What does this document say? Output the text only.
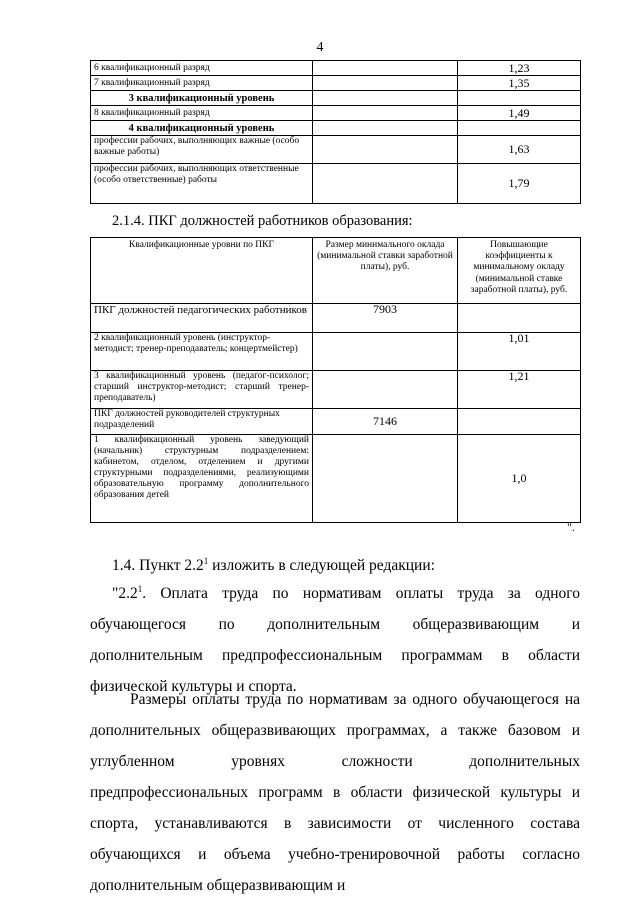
4
6 квалификационный разряд		1,23
7 квалификационный разряд		1,35
3 квалификационный уровень		
8 квалификационный разряд		1,49
4 квалификационный уровень		
профессии рабочих, выполняющих важные (особо важные работы)		1,63
профессии рабочих, выполняющих ответственные (особо ответственные) работы		1,79
2.1.4. ПКГ должностей работников образования:
Квалификационные уровни по ПКГ	Размер минимального оклада (минимальной ставки заработной платы), руб.	Повышающие коэффициенты к минимальному окладу (минимальной ставке заработной платы), руб.
ПКГ должностей педагогических работников	7903	
2 квалификационный уровень (инструктор-методист; тренер-преподаватель; концертмейстер)		1,01
3 квалификационный уровень (педагог-психолог; старший инструктор-методист; старший тренер-преподаватель)		1,21
ПКГ должностей руководителей структурных подразделений	7146	
1 квалификационный уровень заведующий (начальник) структурным подразделением: кабинетом, отделом, отделением и другими структурными подразделениями, реализующими образовательную программу дополнительного образования детей		1,0
".
1.4. Пункт $2.2^1$ изложить в следующей редакции:
"$2.2^1$. Оплата труда по нормативам оплаты труда за одного обучающегося по дополнительным общеразвивающим и дополнительным предпрофессиональным программам в области физической культуры и спорта.
Размеры оплаты труда по нормативам за одного обучающегося на дополнительных общеразвивающих программах, а также базовом и углубленном уровнях сложности дополнительных предпрофессиональных программ в области физической культуры и спорта, устанавливаются в зависимости от численного состава обучающихся и объема учебно-тренировочной работы согласно дополнительным общеразвивающим и
